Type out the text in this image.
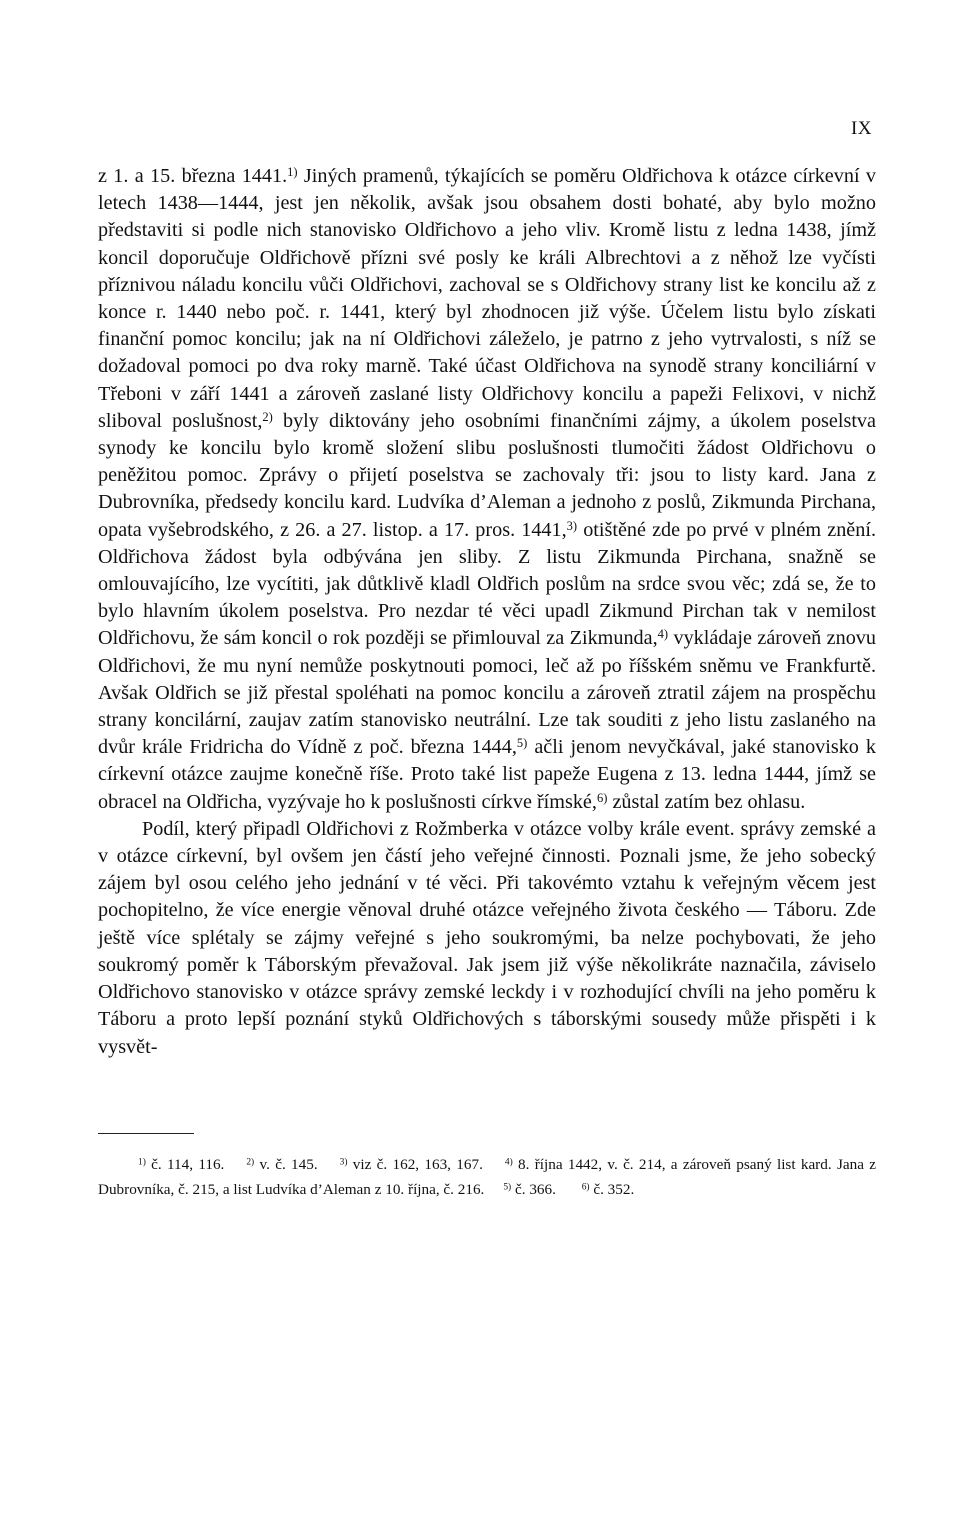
IX

z 1. a 15. března 1441.$^{1)}$ Jiných pramenů, týkajících se poměru Oldřichova k otázce církevní v letech 1438—1444, jest jen několik, avšak jsou obsahem dosti bohaté, aby bylo možno představiti si podle nich stanovisko Oldřichovo a jeho vliv. Kromě listu z ledna 1438, jímž koncil doporučuje Oldřichově přízni své posly ke králi Albrechtovi a z něhož lze vyčísti příznivou náladu koncilu vůči Oldřichovi, zachoval se s Oldřichovy strany list ke koncilu až z konce r. 1440 nebo poč. r. 1441, který byl zhodnocen již výše. Účelem listu bylo získati finanční pomoc koncilu; jak na ní Oldřichovi záleželo, je patrno z jeho vytrvalosti, s níž se dožadoval pomoci po dva roky marně. Také účast Oldřichova na synodě strany konciliární v Třeboni v září 1441 a zároveň zaslané listy Oldřichovy koncilu a papeži Felixovi, v nichž sliboval poslušnost,$^{2)}$ byly diktovány jeho osobními finančními zájmy, a úkolem poselstva synody ke koncilu bylo kromě složení slibu poslušnosti tlumočiti žádost Oldřichovu o peněžitou pomoc. Zprávy o přijetí poselstva se zachovaly tři: jsou to listy kard. Jana z Dubrovníka, předsedy koncilu kard. Ludvíka d’Aleman a jednoho z poslů, Zikmunda Pirchana, opata vyšebrodského, z 26. a 27. listop. a 17. pros. 1441,$^{3)}$ otištěné zde po prvé v plném znění. Oldřichova žádost byla odbývána jen sliby. Z listu Zikmunda Pirchana, snažně se omlouvajícího, lze vycítiti, jak důtklivě kladl Oldřich poslům na srdce svou věc; zdá se, že to bylo hlavním úkolem poselstva. Pro nezdar té věci upadl Zikmund Pirchan tak v nemilost Oldřichovu, že sám koncil o rok později se přimlouval za Zikmunda,$^{4)}$ vykládaje zároveň znovu Oldřichovi, že mu nyní nemůže poskytnouti pomoci, leč až po říšském sněmu ve Frankfurtě. Avšak Oldřich se již přestal spoléhati na pomoc koncilu a zároveň ztratil zájem na prospěchu strany koncilární, zaujav zatím stanovisko neutrální. Lze tak souditi z jeho listu zaslaného na dvůr krále Fridricha do Vídně z poč. března 1444,$^{5)}$ ačli jenom nevyčkával, jaké stanovisko k církevní otázce zaujme konečně říše. Proto také list papeže Eugena z 13. ledna 1444, jímž se obracel na Oldřicha, vyzývaje ho k poslušnosti církve římské,$^{6)}$ zůstal zatím bez ohlasu.

Podíl, který připadl Oldřichovi z Rožmberka v otázce volby krále event. správy zemské a v otázce církevní, byl ovšem jen částí jeho veřejné činnosti. Poznali jsme, že jeho sobecký zájem byl osou celého jeho jednání v té věci. Při takovémto vztahu k veřejným věcem jest pochopitelno, že více energie věnoval druhé otázce veřejného života českého — Táboru. Zde ještě více splétaly se zájmy veřejné s jeho soukromými, ba nelze pochybovati, že jeho soukromý poměr k Táborským převažoval. Jak jsem již výše několikráte naznačila, záviselo Oldřichovo stanovisko v otázce správy zemské leckdy i v rozhodující chvíli na jeho poměru k Táboru a proto lepší poznání styků Oldřichových s táborskými sousedy může přispěti i k vysvět-

$^{1)}$ č. 114, 116. $^{2)}$ v. č. 145. $^{3)}$ viz č. 162, 163, 167. $^{4)}$ 8. října 1442, v. č. 214, a zároveň psaný list kard. Jana z Dubrovníka, č. 215, a list Ludvíka d’Aleman z 10. října, č. 216. $^{5)}$ č. 366.	$^{6)}$ č. 352.
